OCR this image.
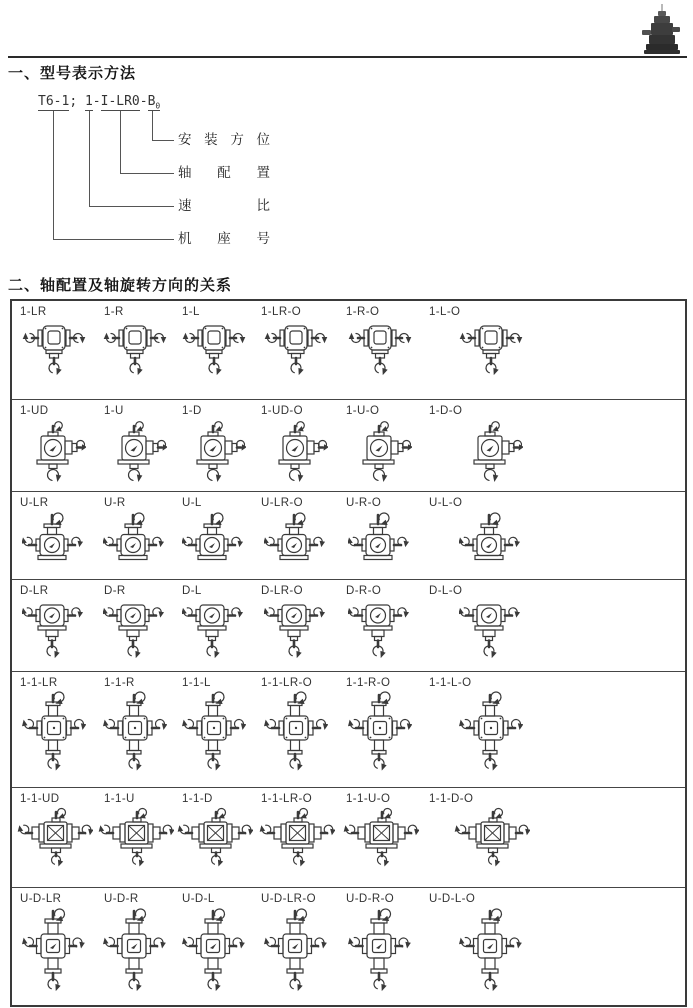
一、型号表示方法
T6-1; $1-I-LR0-B_0$
安 装 方 位
轴 配 置
速	比
机 座 号
二、轴配置及轴旋转方向的关系
1-LR	1-R	1-L	1-LR-O	1-R-O	1-L-O
1-UD	1-U	1-D	1-UD-O	1-U-O	1-D-O
U-LR	U-R	U-L	U-LR-O	U-R-O	U-L-O
D-LR	D-R	D-L	D-LR-O	D-R-O	D-L-O
1-1-LR	1-1-R	1-1-L	1-1-LR-O	1-1-R-O	1-1-L-O
1-1-UD	1-1-U	1-1-D	1-1-LR-O	1-1-U-O	1-1-D-O
U-D-LR	U-D-R	U-D-L	U-D-LR-O	U-D-R-O	U-D-L-O
